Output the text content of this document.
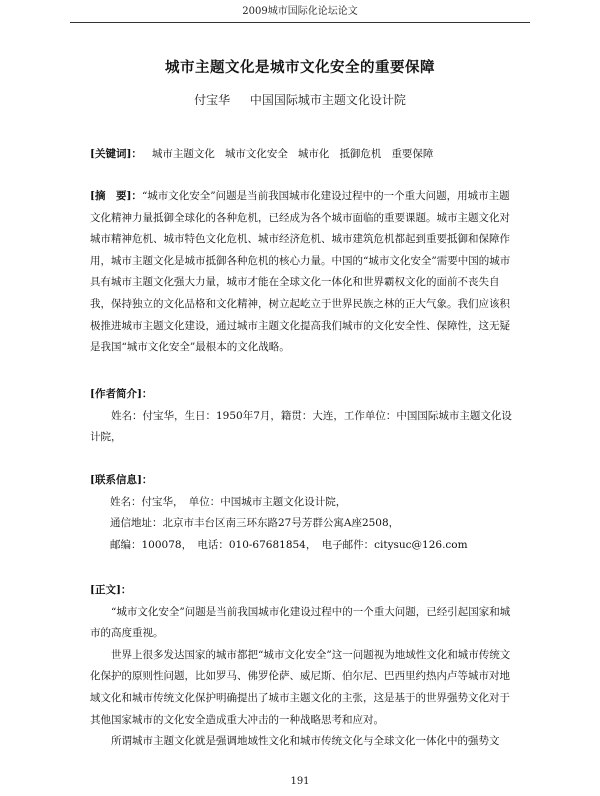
2009城市国际化论坛论文
城市主题文化是城市文化安全的重要保障
付宝华 中国国际城市主题文化设计院
[关键词]： 城市主题文化 城市文化安全 城市化 抵御危机 重要保障
[摘　要]：“城市文化安全”问题是当前我国城市化建设过程中的一个重大问题，用城市主题文化精神力量抵御全球化的各种危机，已经成为各个城市面临的重要课题。城市主题文化对城市精神危机、城市特色文化危机、城市经济危机、城市建筑危机都起到重要抵御和保障作用，城市主题文化是城市抵御各种危机的核心力量。中国的“城市文化安全”需要中国的城市具有城市主题文化强大力量，城市才能在全球文化一体化和世界霸权文化的面前不丧失自我，保持独立的文化品格和文化精神，树立起屹立于世界民族之林的正大气象。我们应该积极推进城市主题文化建设，通过城市主题文化提高我们城市的文化安全性、保障性，这无疑是我国“城市文化安全”最根本的文化战略。
[作者简介]：
姓名：付宝华，生日：1950年7月，籍贯：大连，工作单位：中国国际城市主题文化设计院，
[联系信息]：
姓名：付宝华，　单位：中国城市主题文化设计院，
通信地址：北京市丰台区南三环东路27号芳群公寓A座2508，
邮编：100078，　电话：010-67681854，　电子邮件：citysuc@126.com
[正文]：
“城市文化安全”问题是当前我国城市化建设过程中的一个重大问题，已经引起国家和城市的高度重视。
世界上很多发达国家的城市都把“城市文化安全”这一问题视为地域性文化和城市传统文化保护的原则性问题，比如罗马、佛罗伦萨、威尼斯、伯尔尼、巴西里约热内卢等城市对地域文化和城市传统文化保护明确提出了城市主题文化的主张，这是基于的世界强势文化对于其他国家城市的文化安全造成重大冲击的一种战略思考和应对。
所谓城市主题文化就是强调地域性文化和城市传统文化与全球文化一体化中的强势文
191
